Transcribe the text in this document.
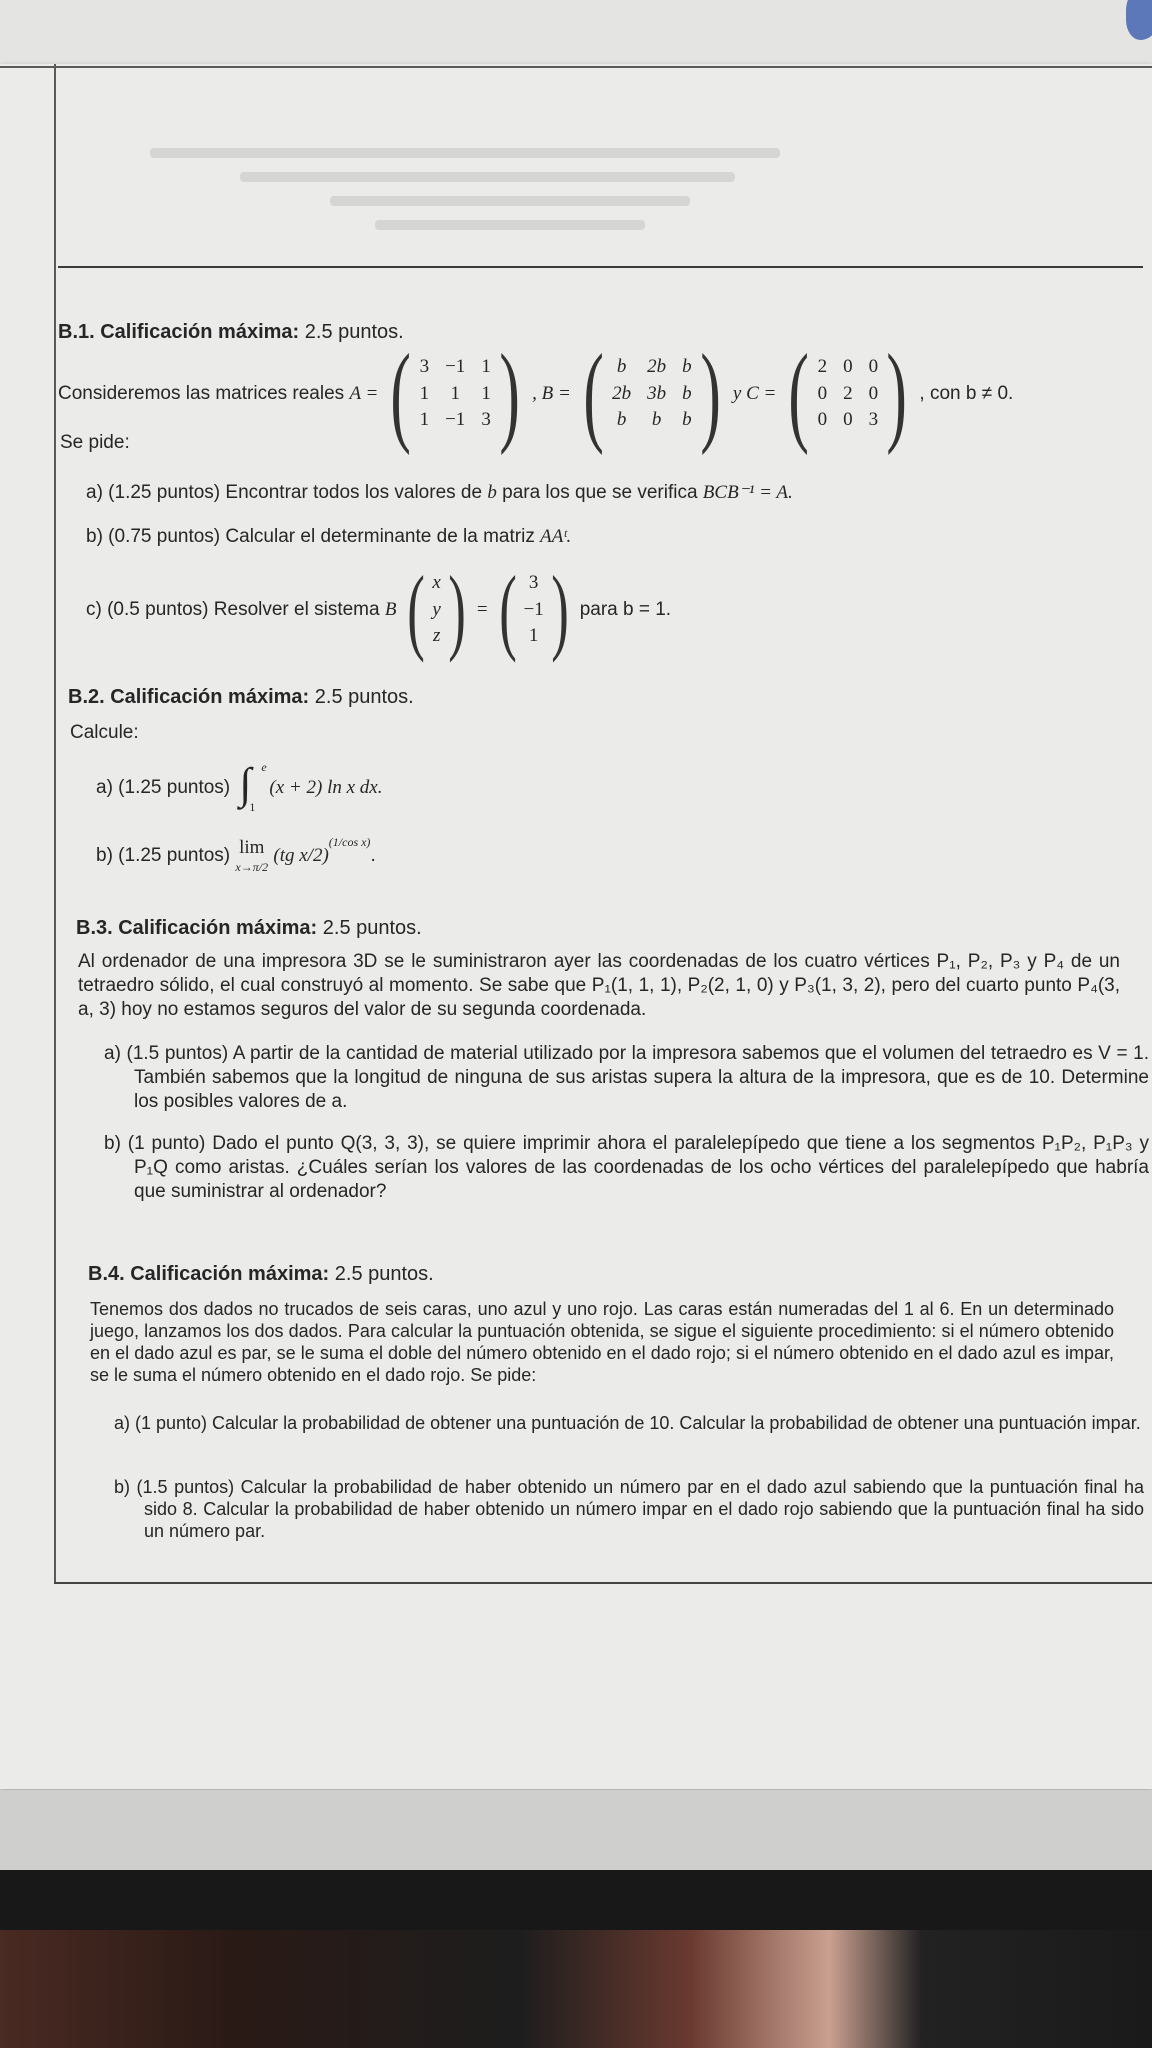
B.1. Calificación máxima: 2.5 puntos.
Consideremos las matrices reales
A = ( 3 −1 1
1 1 1
1 −1 3 ) , B = ( b 2b b
2b 3b b
b b b ) y C = ( 2 0 0
0 2 0
0 0 3 ) , con b ≠ 0.
Se pide:
a) (1.25 puntos) Encontrar todos los valores de b para los que se verifica BCB⁻¹ = A.
b) (0.75 puntos) Calcular el determinante de la matriz AAᵗ.
c) (0.5 puntos) Resolver el sistema
B ( x
y
z ) = ( 3
−1
1 ) para b = 1.
B.2. Calificación máxima: 2.5 puntos.
Calcule:
a) (1.25 puntos)
∫ e
1
(x + 2) ln x dx.
b) (1.25 puntos)
lim
x→π/2

(tg x/2)
(1/cos x)
.
B.3. Calificación máxima: 2.5 puntos.
Al ordenador de una impresora 3D se le suministraron ayer las coordenadas de los cuatro vértices P₁, P₂, P₃ y P₄ de un tetraedro sólido, el cual construyó al momento. Se sabe que P₁(1, 1, 1), P₂(2, 1, 0) y P₃(1, 3, 2), pero del cuarto punto P₄(3, a, 3) hoy no estamos seguros del valor de su segunda coordenada.
a) (1.5 puntos) A partir de la cantidad de material utilizado por la impresora sabemos que el volumen del tetraedro es V = 1. También sabemos que la longitud de ninguna de sus aristas supera la altura de la impresora, que es de 10. Determine los posibles valores de a.
b) (1 punto) Dado el punto Q(3, 3, 3), se quiere imprimir ahora el paralelepípedo que tiene a los segmentos P₁P₂, P₁P₃ y P₁Q como aristas. ¿Cuáles serían los valores de las coordenadas de los ocho vértices del paralelepípedo que habría que suministrar al ordenador?
B.4. Calificación máxima: 2.5 puntos.
Tenemos dos dados no trucados de seis caras, uno azul y uno rojo. Las caras están numeradas del 1 al 6. En un determinado juego, lanzamos los dos dados. Para calcular la puntuación obtenida, se sigue el siguiente procedimiento: si el número obtenido en el dado azul es par, se le suma el doble del número obtenido en el dado rojo; si el número obtenido en el dado azul es impar, se le suma el número obtenido en el dado rojo. Se pide:
a) (1 punto) Calcular la probabilidad de obtener una puntuación de 10. Calcular la probabilidad de obtener una puntuación impar.
b) (1.5 puntos) Calcular la probabilidad de haber obtenido un número par en el dado azul sabiendo que la puntuación final ha sido 8. Calcular la probabilidad de haber obtenido un número impar en el dado rojo sabiendo que la puntuación final ha sido un número par.
